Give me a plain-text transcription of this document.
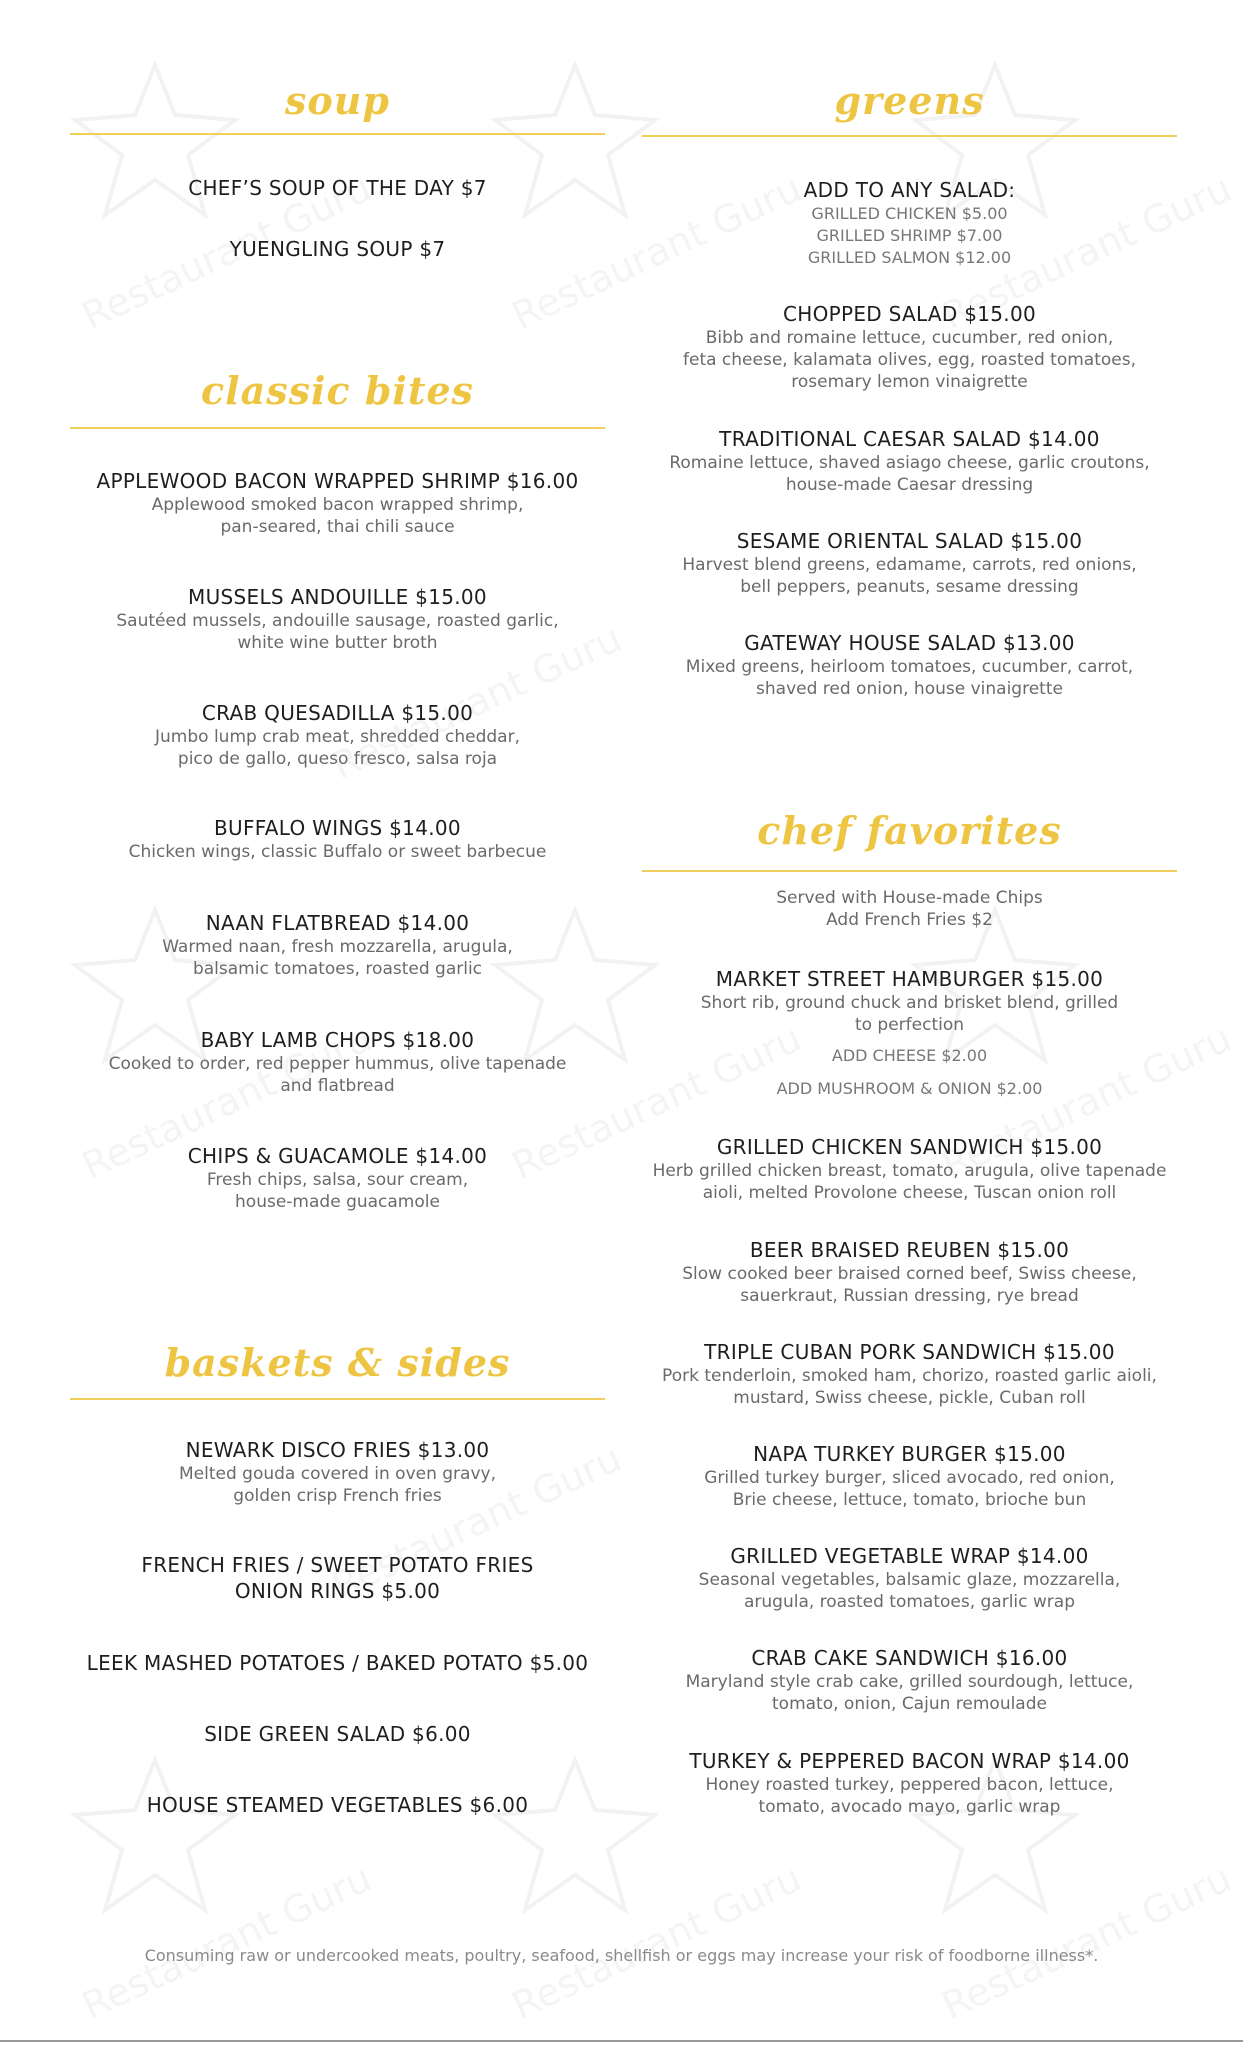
soup
CHEF’S SOUP OF THE DAY $7
YUENGLING SOUP $7
classic bites
APPLEWOOD BACON WRAPPED SHRIMP $16.00
Applewood smoked bacon wrapped shrimp,
pan-seared, thai chili sauce
MUSSELS ANDOUILLE $15.00
Sautéed mussels, andouille sausage, roasted garlic,
white wine butter broth
CRAB QUESADILLA $15.00
Jumbo lump crab meat, shredded cheddar,
pico de gallo, queso fresco, salsa roja
BUFFALO WINGS $14.00
Chicken wings, classic Buffalo or sweet barbecue
NAAN FLATBREAD $14.00
Warmed naan, fresh mozzarella, arugula,
balsamic tomatoes, roasted garlic
BABY LAMB CHOPS $18.00
Cooked to order, red pepper hummus, olive tapenade
and flatbread
CHIPS & GUACAMOLE $14.00
Fresh chips, salsa, sour cream,
house-made guacamole
baskets & sides
NEWARK DISCO FRIES $13.00
Melted gouda covered in oven gravy,
golden crisp French fries
FRENCH FRIES / SWEET POTATO FRIES
ONION RINGS $5.00
LEEK MASHED POTATOES / BAKED POTATO $5.00
SIDE GREEN SALAD $6.00
HOUSE STEAMED VEGETABLES $6.00
greens
ADD TO ANY SALAD:
GRILLED CHICKEN $5.00
GRILLED SHRIMP $7.00
GRILLED SALMON $12.00
CHOPPED SALAD $15.00
Bibb and romaine lettuce, cucumber, red onion,
feta cheese, kalamata olives, egg, roasted tomatoes,
rosemary lemon vinaigrette
TRADITIONAL CAESAR SALAD $14.00
Romaine lettuce, shaved asiago cheese, garlic croutons,
house-made Caesar dressing
SESAME ORIENTAL SALAD $15.00
Harvest blend greens, edamame, carrots, red onions,
bell peppers, peanuts, sesame dressing
GATEWAY HOUSE SALAD $13.00
Mixed greens, heirloom tomatoes, cucumber, carrot,
shaved red onion, house vinaigrette
chef favorites
Served with House-made Chips
Add French Fries $2
MARKET STREET HAMBURGER $15.00
Short rib, ground chuck and brisket blend, grilled
to perfection
ADD CHEESE $2.00
ADD MUSHROOM & ONION $2.00
GRILLED CHICKEN SANDWICH $15.00
Herb grilled chicken breast, tomato, arugula, olive tapenade
aioli, melted Provolone cheese, Tuscan onion roll
BEER BRAISED REUBEN $15.00
Slow cooked beer braised corned beef, Swiss cheese,
sauerkraut, Russian dressing, rye bread
TRIPLE CUBAN PORK SANDWICH $15.00
Pork tenderloin, smoked ham, chorizo, roasted garlic aioli,
mustard, Swiss cheese, pickle, Cuban roll
NAPA TURKEY BURGER $15.00
Grilled turkey burger, sliced avocado, red onion,
Brie cheese, lettuce, tomato, brioche bun
GRILLED VEGETABLE WRAP $14.00
Seasonal vegetables, balsamic glaze, mozzarella,
arugula, roasted tomatoes, garlic wrap
CRAB CAKE SANDWICH $16.00
Maryland style crab cake, grilled sourdough, lettuce,
tomato, onion, Cajun remoulade
TURKEY & PEPPERED BACON WRAP $14.00
Honey roasted turkey, peppered bacon, lettuce,
tomato, avocado mayo, garlic wrap
Consuming raw or undercooked meats, poultry, seafood, shellfish or eggs may increase your risk of foodborne illness*.
